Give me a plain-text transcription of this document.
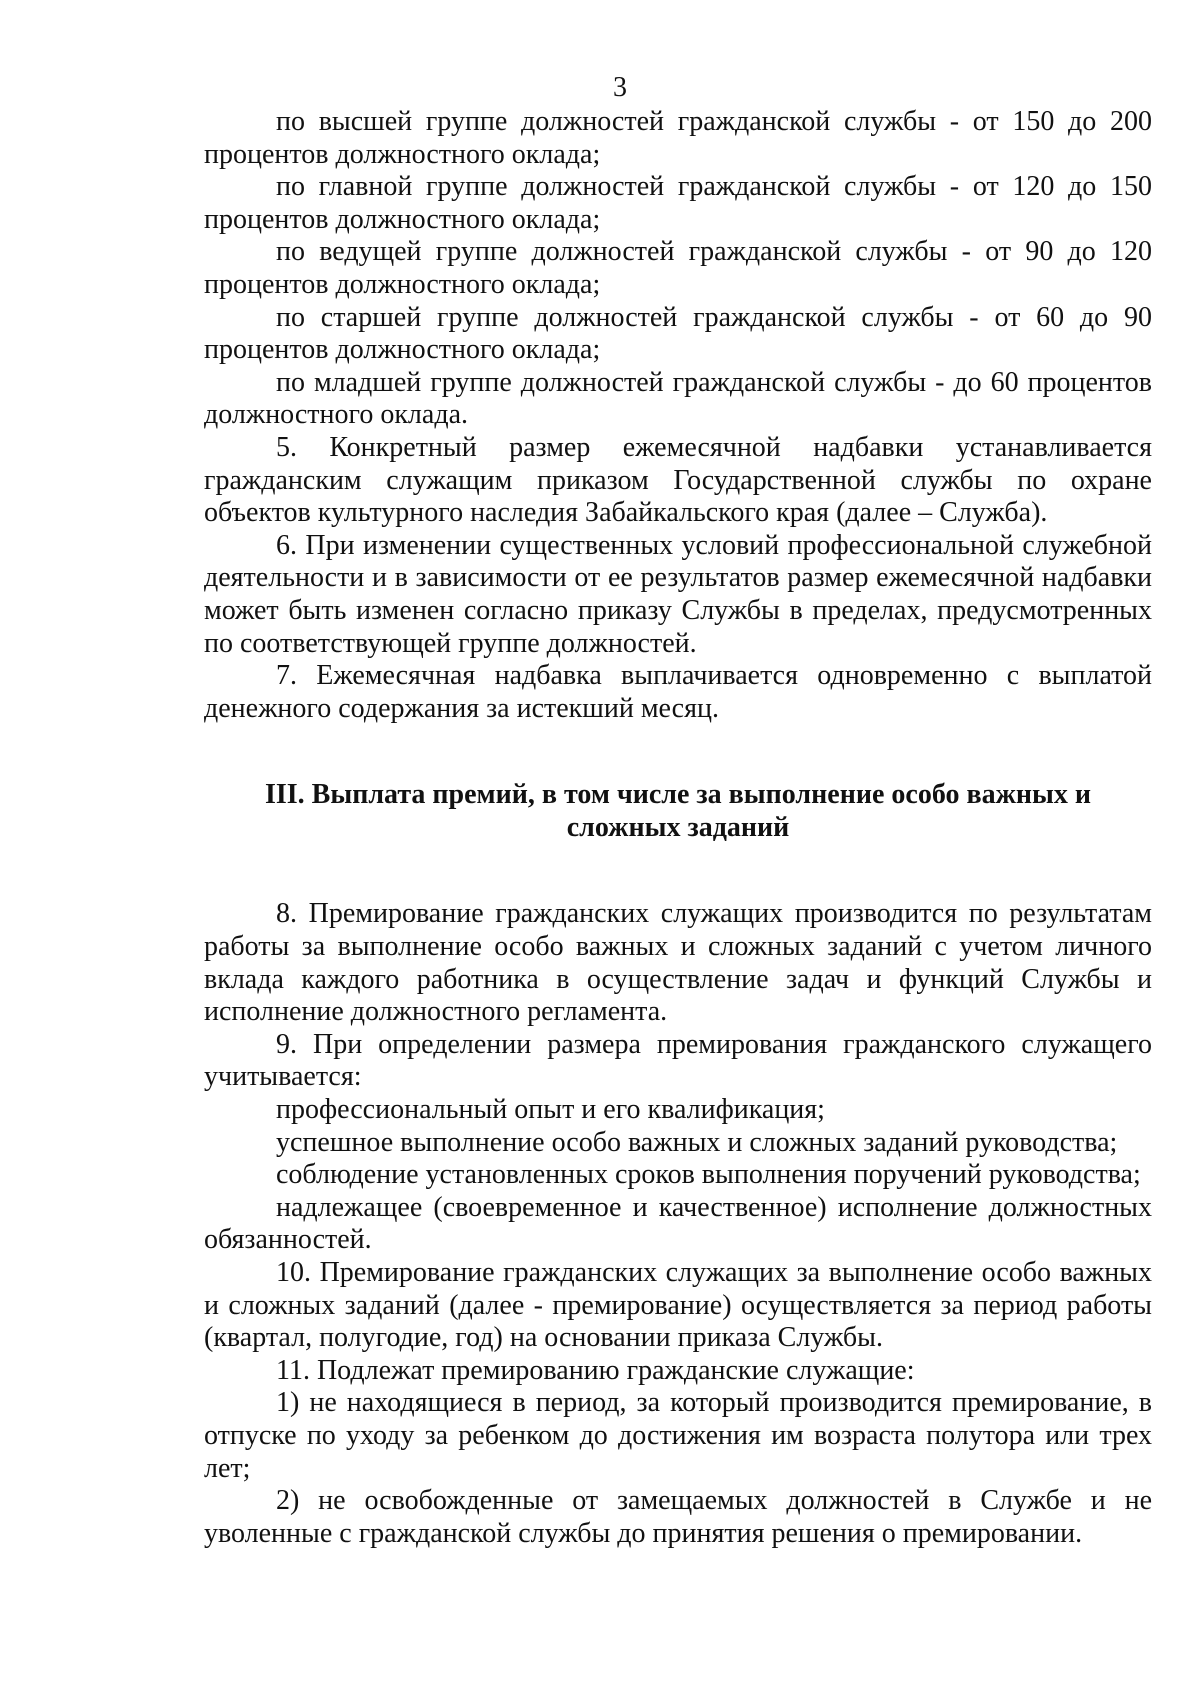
3

по высшей группе должностей гражданской службы - от 150 до 200 процентов должностного оклада;

по главной группе должностей гражданской службы - от 120 до 150 процентов должностного оклада;

по ведущей группе должностей гражданской службы - от 90 до 120 процентов должностного оклада;

по старшей группе должностей гражданской службы - от 60 до 90 процентов должностного оклада;

по младшей группе должностей гражданской службы - до 60 процентов должностного оклада.

5. Конкретный размер ежемесячной надбавки устанавливается гражданским служащим приказом Государственной службы по охране объектов культурного наследия Забайкальского края (далее – Служба).

6. При изменении существенных условий профессиональной служебной деятельности и в зависимости от ее результатов размер ежемесячной надбавки может быть изменен согласно приказу Службы в пределах, предусмотренных по соответствующей группе должностей.

7. Ежемесячная надбавка выплачивается одновременно с выплатой денежного содержания за истекший месяц.

III. Выплата премий, в том числе за выполнение особо важных и сложных заданий

8. Премирование гражданских служащих производится по результатам работы за выполнение особо важных и сложных заданий с учетом личного вклада каждого работника в осуществление задач и функций Службы и исполнение должностного регламента.

9. При определении размера премирования гражданского служащего учитывается:

профессиональный опыт и его квалификация;

успешное выполнение особо важных и сложных заданий руководства;

соблюдение установленных сроков выполнения поручений руководства;

надлежащее (своевременное и качественное) исполнение должностных обязанностей.

10. Премирование гражданских служащих за выполнение особо важных и сложных заданий (далее - премирование) осуществляется за период работы (квартал, полугодие, год) на основании приказа Службы.

11. Подлежат премированию гражданские служащие:

1) не находящиеся в период, за который производится премирование, в отпуске по уходу за ребенком до достижения им возраста полутора или трех лет;

2) не освобожденные от замещаемых должностей в Службе и не уволенные с гражданской службы до принятия решения о премировании.
